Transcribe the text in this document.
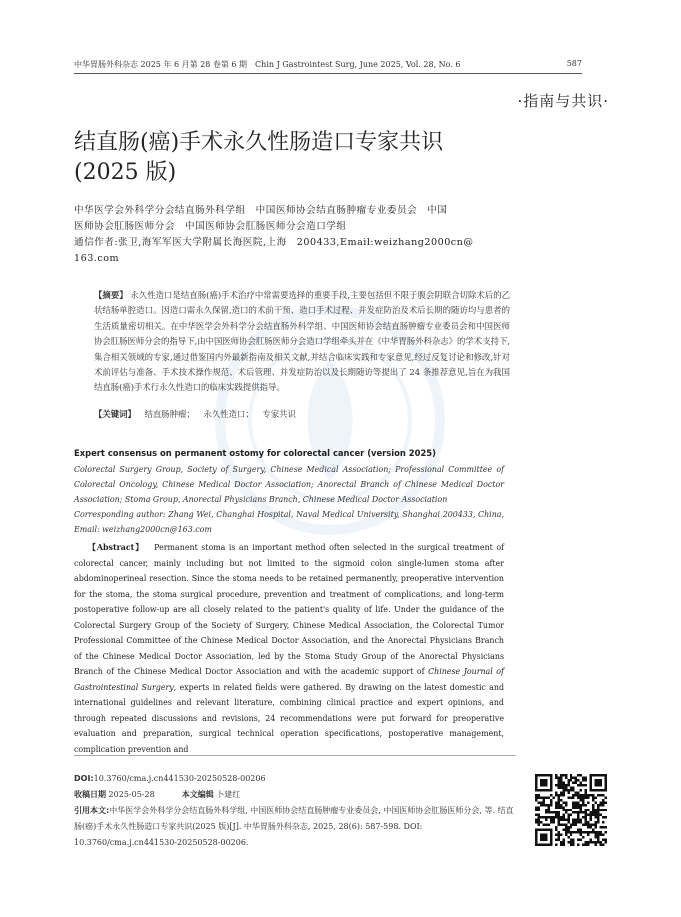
中华胃肠外科杂志 2025 年 6 月第 28 卷第 6 期　Chin J Gastrointest Surg, June 2025, Vol. 28, No. 6	587
·指南与共识·
结直肠(癌)手术永久性肠造口专家共识
(2025 版)
中华医学会外科学分会结直肠外科学组　中国医师协会结直肠肿瘤专业委员会　中国
医师协会肛肠医师分会　中国医师协会肛肠医师分会造口学组
通信作者:张卫,海军军医大学附属长海医院,上海　200433,Email:weizhang2000cn@
163.com
【摘要】 永久性造口是结直肠(癌)手术治疗中常需要选择的重要手段,主要包括但不限于腹会阴联合切除术后的乙状结肠单腔造口。因造口需永久保留,造口的术前干预、造口手术过程、并发症防治及术后长期的随访均与患者的生活质量密切相关。在中华医学会外科学分会结直肠外科学组、中国医师协会结直肠肿瘤专业委员会和中国医师协会肛肠医师分会的指导下,由中国医师协会肛肠医师分会造口学组牵头并在《中华胃肠外科杂志》的学术支持下,集合相关领域的专家,通过借鉴国内外最新指南及相关文献,并结合临床实践和专家意见,经过反复讨论和修改,针对术前评估与准备、手术技术操作规范、术后管理、并发症防治以及长期随访等提出了 24 条推荐意见,旨在为我国结直肠(癌)手术行永久性造口的临床实践提供指导。
【关键词】 结直肠肿瘤； 永久性造口； 专家共识

Expert consensus on permanent ostomy for colorectal cancer (version 2025)

Colorectal Surgery Group, Society of Surgery, Chinese Medical Association; Professional Committee of Colorectal Oncology, Chinese Medical Doctor Association; Anorectal Branch of Chinese Medical Doctor Association; Stoma Group, Anorectal Physicians Branch, Chinese Medical Doctor Association

Corresponding author: Zhang Wei, Changhai Hospital, Naval Medical University, Shanghai 200433, China, Email: weizhang2000cn@163.com

【Abstract】 Permanent stoma is an important method often selected in the surgical treatment of colorectal cancer, mainly including but not limited to the sigmoid colon single-lumen stoma after abdominoperineal resection. Since the stoma needs to be retained permanently, preoperative intervention for the stoma, the stoma surgical procedure, prevention and treatment of complications, and long-term postoperative follow-up are all closely related to the patient's quality of life. Under the guidance of the Colorectal Surgery Group of the Society of Surgery, Chinese Medical Association, the Colorectal Tumor Professional Committee of the Chinese Medical Doctor Association, and the Anorectal Physicians Branch of the Chinese Medical Doctor Association, led by the Stoma Study Group of the Anorectal Physicians Branch of the Chinese Medical Doctor Association and with the academic support of Chinese Journal of Gastrointestinal Surgery, experts in related fields were gathered. By drawing on the latest domestic and international guidelines and relevant literature, combining clinical practice and expert opinions, and through repeated discussions and revisions, 24 recommendations were put forward for preoperative evaluation and preparation, surgical technical operation specifications, postoperative management, complication prevention and

DOI:10.3760/cma.j.cn441530-20250528-00206
收稿日期 2025-05-28	本文编辑 卜建红
引用本文:中华医学会外科学分会结直肠外科学组, 中国医师协会结直肠肿瘤专业委员会, 中国医师协会肛肠医师分会, 等. 结直肠(癌)手术永久性肠造口专家共识(2025 版)[J]. 中华胃肠外科杂志, 2025, 28(6): 587-598. DOI: 10.3760/cma.j.cn441530-20250528-00206.
